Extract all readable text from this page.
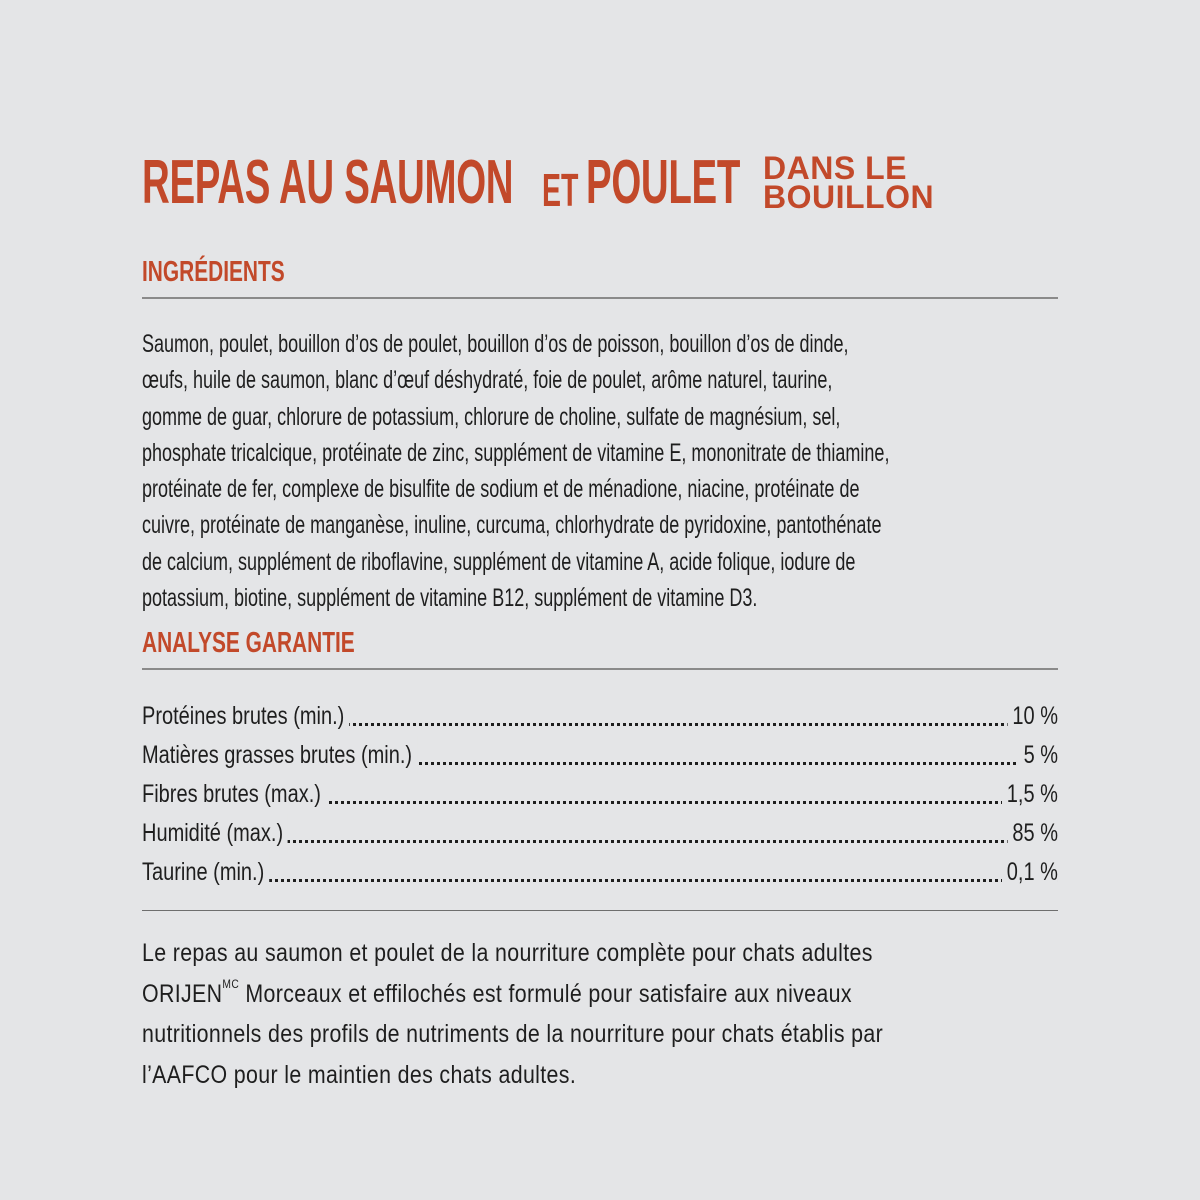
REPAS AU SAUMON ET POULET DANS LE
BOUILLON
INGRÉDIENTS
Saumon, poulet, bouillon d’os de poulet, bouillon d’os de poisson, bouillon d’os de dinde,
œufs, huile de saumon, blanc d’œuf déshydraté, foie de poulet, arôme naturel, taurine,
gomme de guar, chlorure de potassium, chlorure de choline, sulfate de magnésium, sel,
phosphate tricalcique, protéinate de zinc, supplément de vitamine E, mononitrate de thiamine,
protéinate de fer, complexe de bisulfite de sodium et de ménadione, niacine, protéinate de
cuivre, protéinate de manganèse, inuline, curcuma, chlorhydrate de pyridoxine, pantothénate
de calcium, supplément de riboflavine, supplément de vitamine A, acide folique, iodure de
potassium, biotine, supplément de vitamine B12, supplément de vitamine D3.
ANALYSE GARANTIE
Protéines brutes (min.)	10 %
Matières grasses brutes (min.)	5 %
Fibres brutes (max.)	1,5 %
Humidité (max.)	85 %
Taurine (min.)	0,1 %
Le repas au saumon et poulet de la nourriture complète pour chats adultes
$ORIJEN^{MC}$ Morceaux et effilochés est formulé pour satisfaire aux niveaux
nutritionnels des profils de nutriments de la nourriture pour chats établis par
l’AAFCO pour le maintien des chats adultes.
